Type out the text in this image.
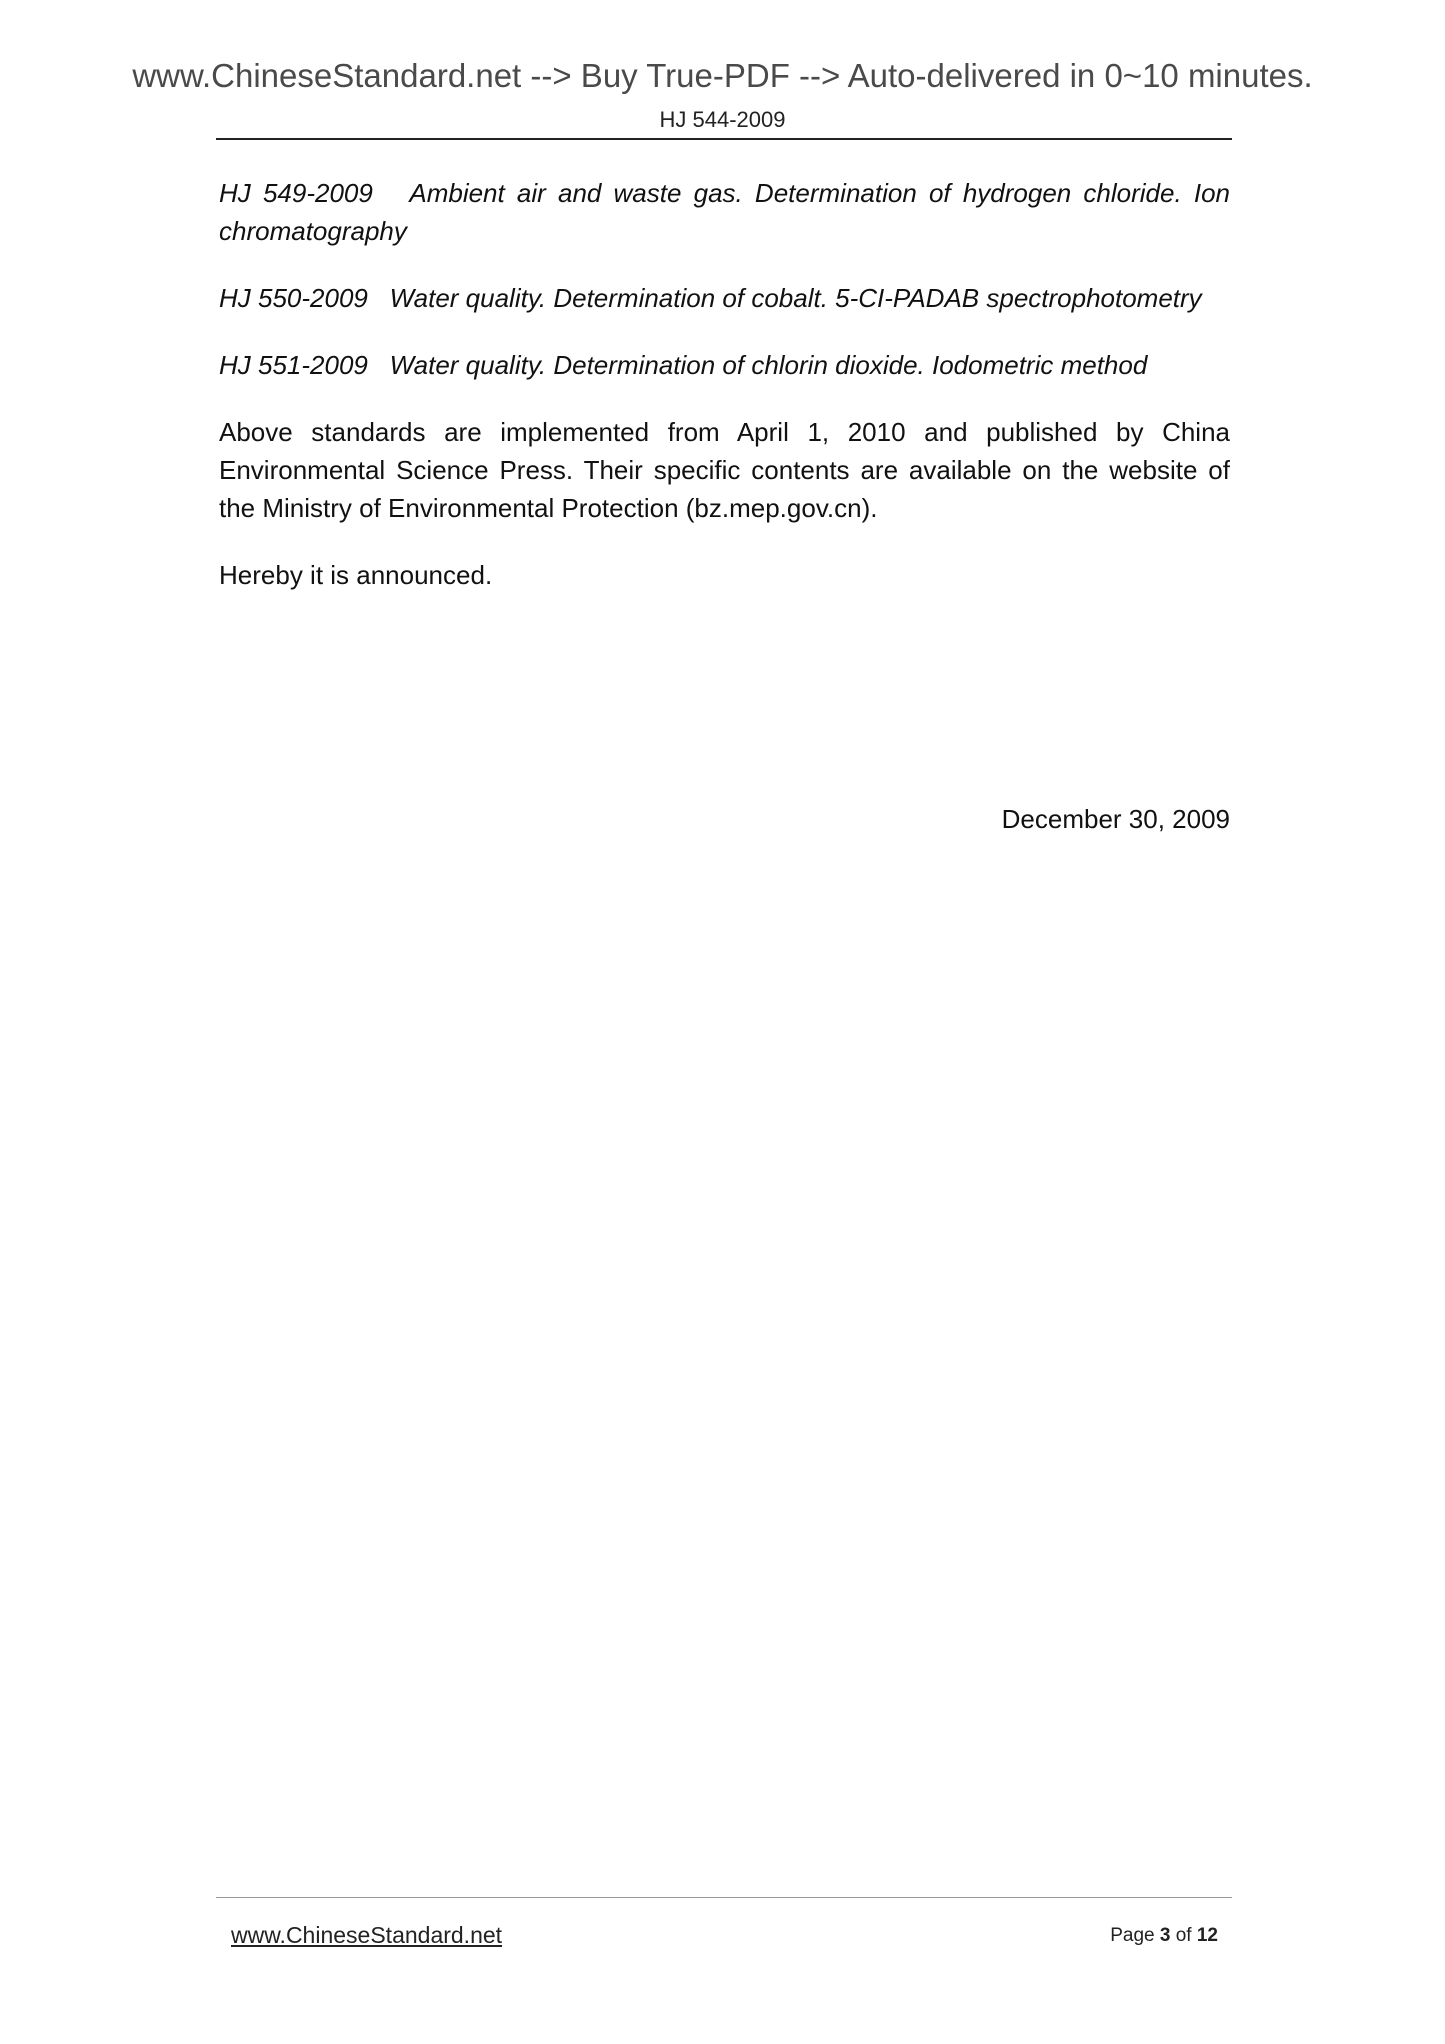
www.ChineseStandard.net --> Buy True-PDF --> Auto-delivered in 0~10 minutes.
HJ 544-2009

HJ 549-2009 Ambient air and waste gas. Determination of hydrogen chloride. Ion chromatography

HJ 550-2009 Water quality. Determination of cobalt. 5-CI-PADAB spectrophotometry

HJ 551-2009 Water quality. Determination of chlorin dioxide. Iodometric method

Above standards are implemented from April 1, 2010 and published by China Environmental Science Press. Their specific contents are available on the website of the Ministry of Environmental Protection (bz.mep.gov.cn).

Hereby it is announced.

December 30, 2009
www.ChineseStandard.net	Page 3 of 12
